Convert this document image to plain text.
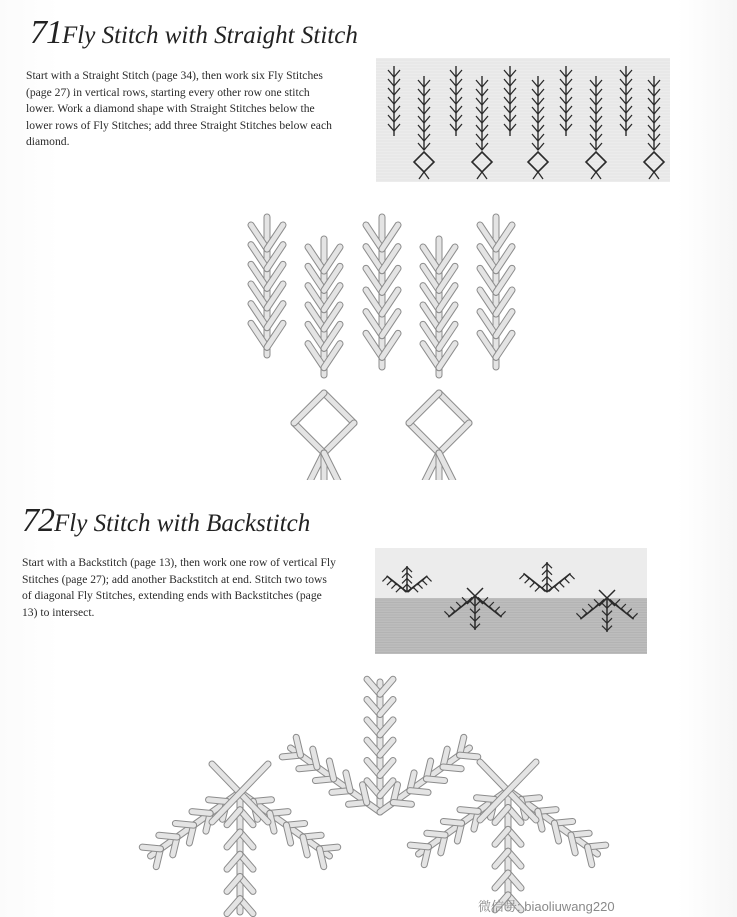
71Fly Stitch with Straight Stitch
Start with a Straight Stitch (page 34), then work six Fly Stitches (page 27) in vertical rows, starting every other row one stitch lower. Work a diamond shape with Straight Stitches below the lower rows of Fly Stitches; add three Straight Stitches below each diamond.
72Fly Stitch with Backstitch
Start with a Backstitch (page 13), then work one row of vertical Fly Stitches (page 27); add another Backstitch at end. Stitch two tows of diagonal Fly Stitches, extending ends with Backstitches (page 13) to intersect.
微信号: biaoliuwang220
